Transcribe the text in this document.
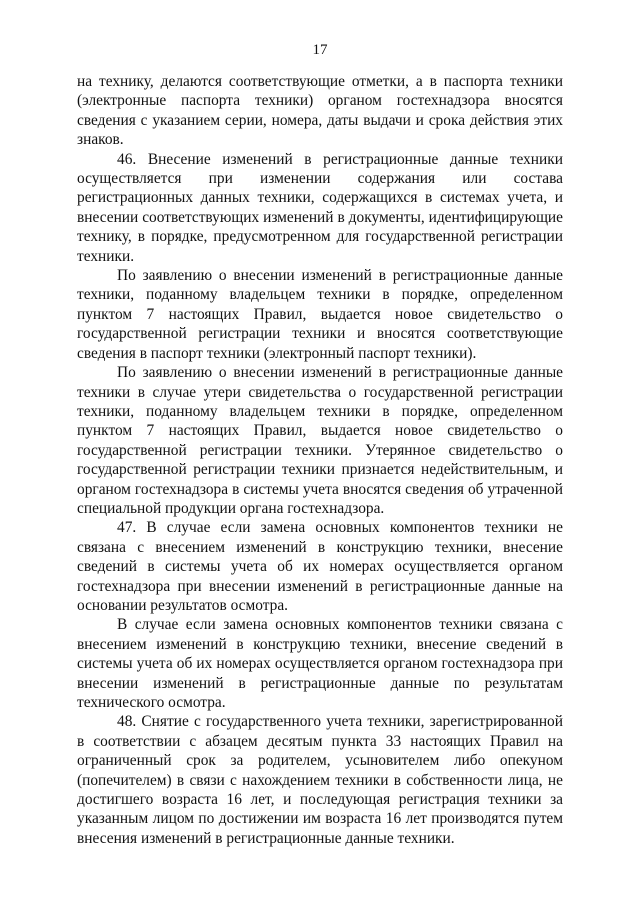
17

на технику, делаются соответствующие отметки, а в паспорта техники (электронные паспорта техники) органом гостехнадзора вносятся сведения с указанием серии, номера, даты выдачи и срока действия этих знаков.

46. Внесение изменений в регистрационные данные техники осуществляется при изменении содержания или состава регистрационных данных техники, содержащихся в системах учета, и внесении соответствующих изменений в документы, идентифицирующие технику, в порядке, предусмотренном для государственной регистрации техники.

По заявлению о внесении изменений в регистрационные данные техники, поданному владельцем техники в порядке, определенном пунктом 7 настоящих Правил, выдается новое свидетельство о государственной регистрации техники и вносятся соответствующие сведения в паспорт техники (электронный паспорт техники).

По заявлению о внесении изменений в регистрационные данные техники в случае утери свидетельства о государственной регистрации техники, поданному владельцем техники в порядке, определенном пунктом 7 настоящих Правил, выдается новое свидетельство о государственной регистрации техники. Утерянное свидетельство о государственной регистрации техники признается недействительным, и органом гостехнадзора в системы учета вносятся сведения об утраченной специальной продукции органа гостехнадзора.

47. В случае если замена основных компонентов техники не связана с внесением изменений в конструкцию техники, внесение сведений в системы учета об их номерах осуществляется органом гостехнадзора при внесении изменений в регистрационные данные на основании результатов осмотра.

В случае если замена основных компонентов техники связана с внесением изменений в конструкцию техники, внесение сведений в системы учета об их номерах осуществляется органом гостехнадзора при внесении изменений в регистрационные данные по результатам технического осмотра.

48. Снятие с государственного учета техники, зарегистрированной в соответствии с абзацем десятым пункта 33 настоящих Правил на ограниченный срок за родителем, усыновителем либо опекуном (попечителем) в связи с нахождением техники в собственности лица, не достигшего возраста 16 лет, и последующая регистрация техники за указанным лицом по достижении им возраста 16 лет производятся путем внесения изменений в регистрационные данные техники.
